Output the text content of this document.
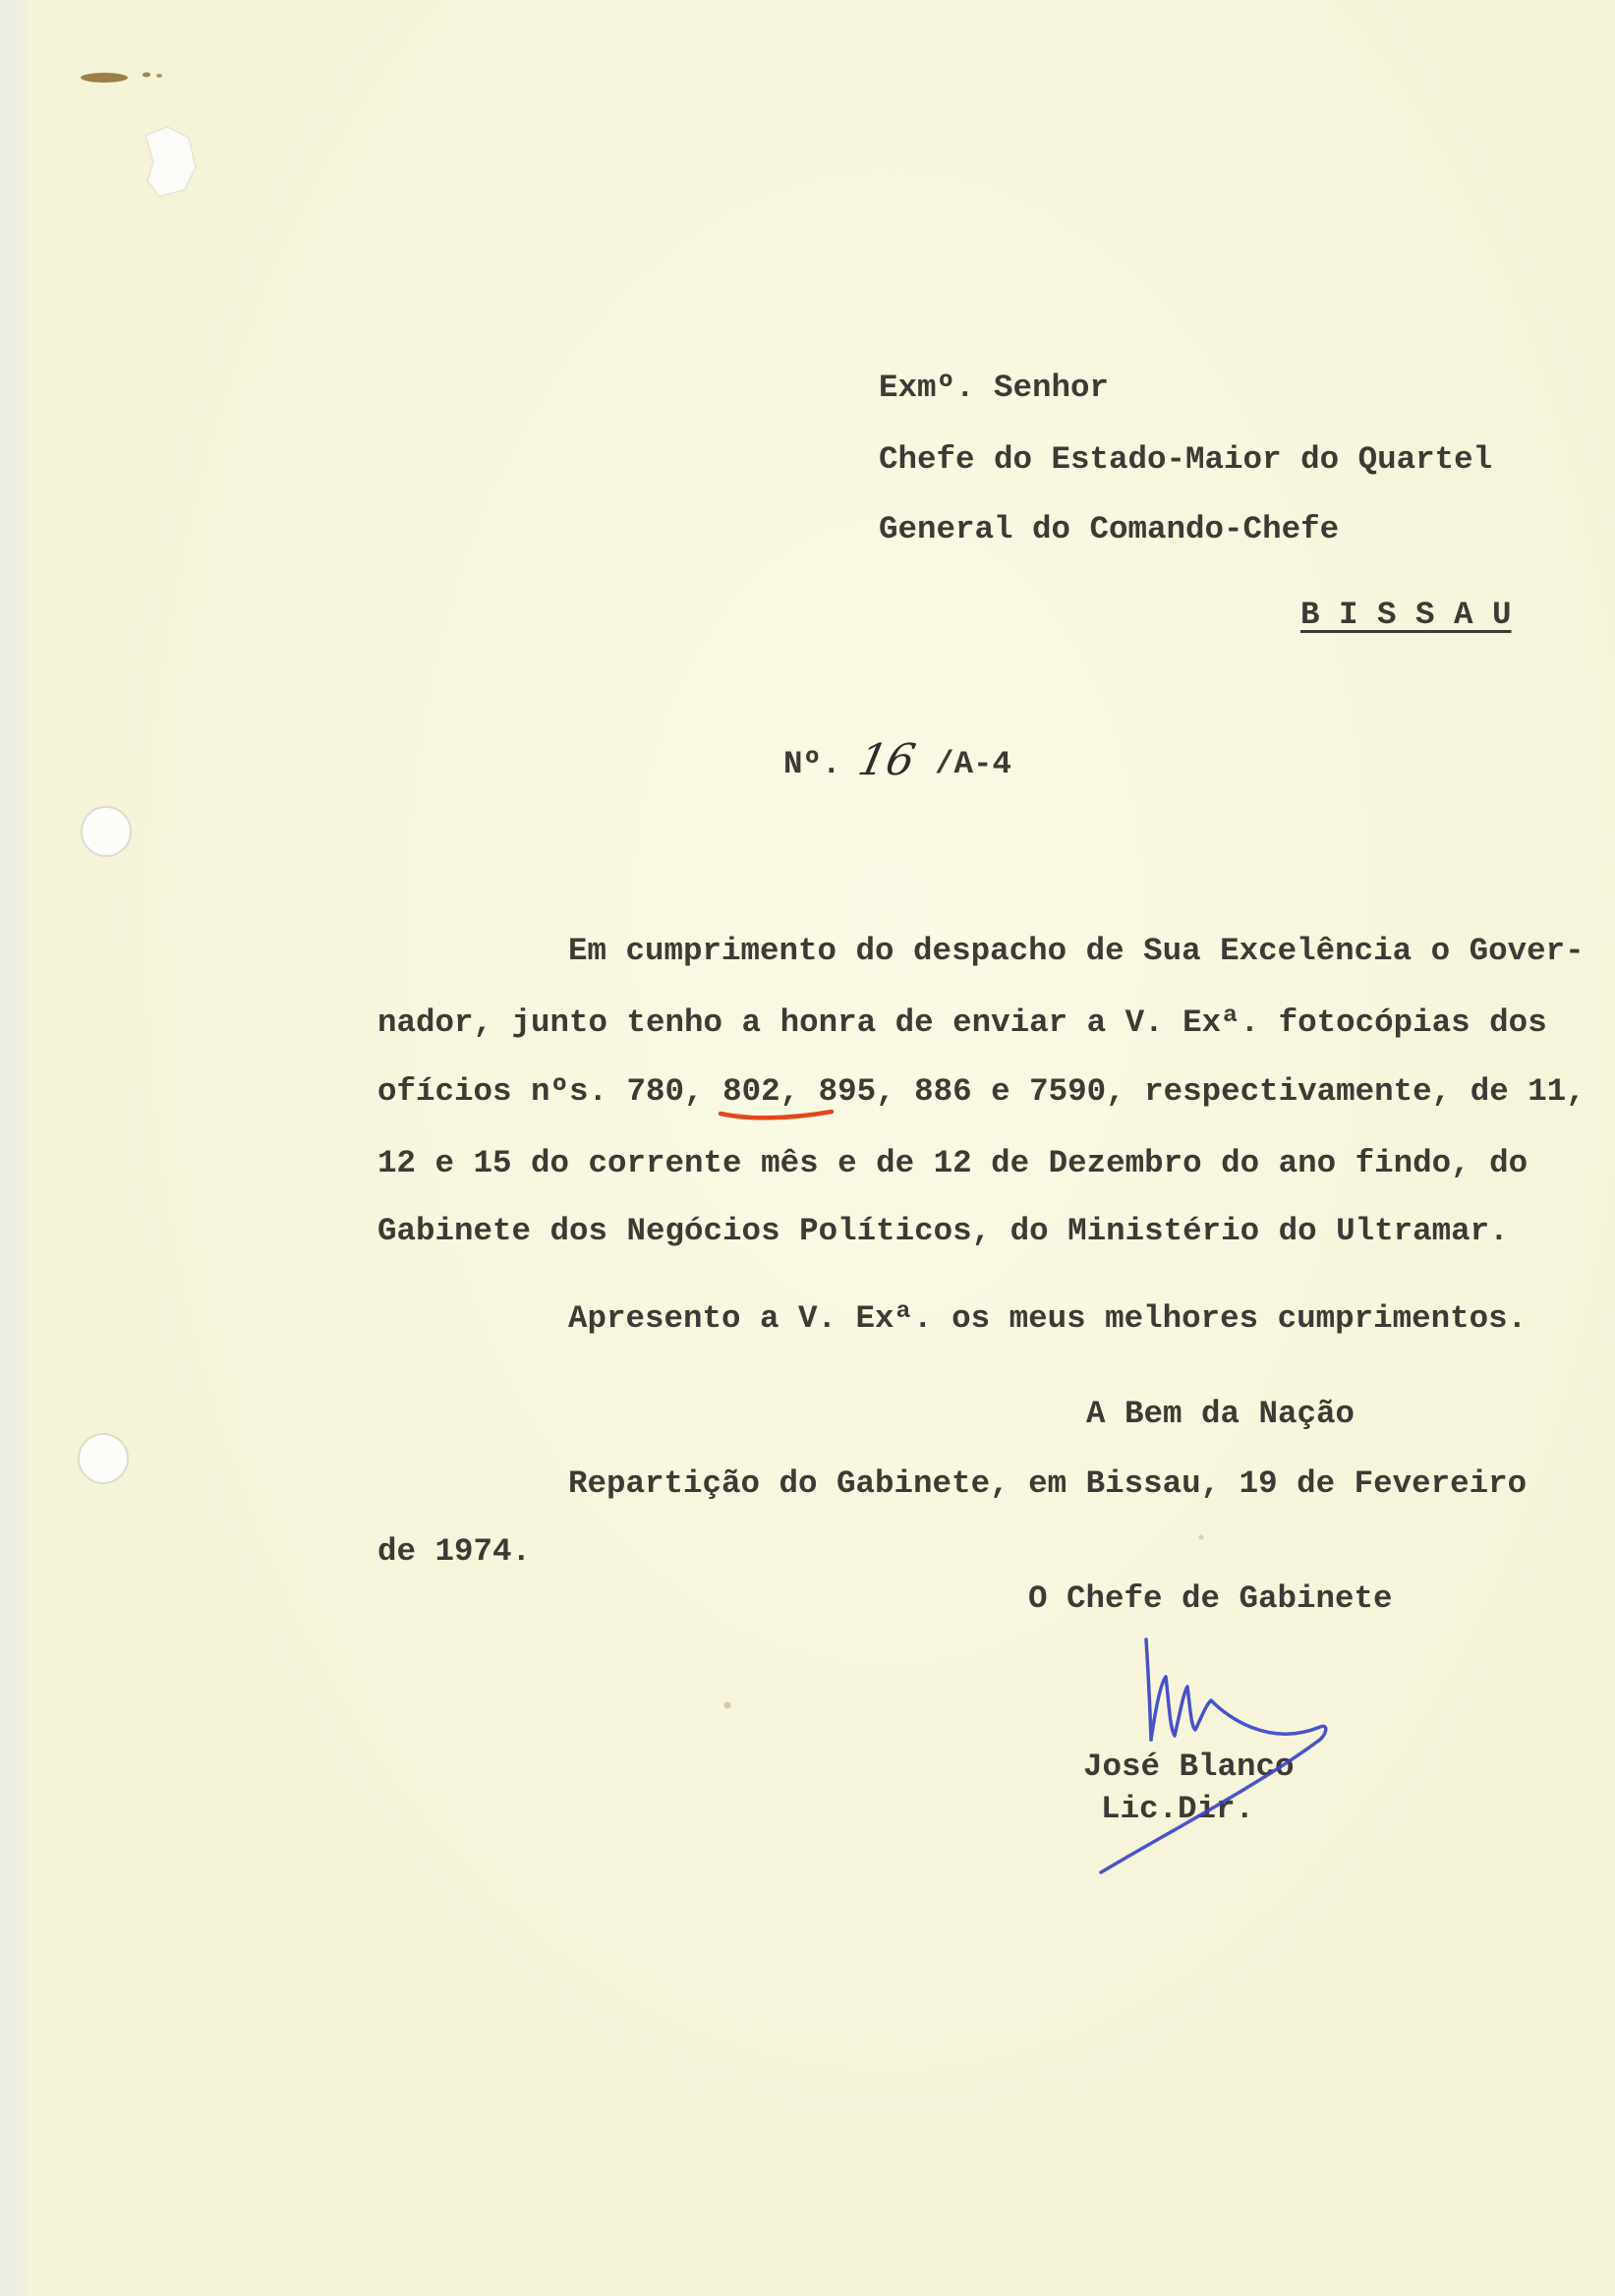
Exmº. Senhor
Chefe do Estado-Maior do Quartel
General do Comando-Chefe
B I S S A U
Nº. 16 /A-4
Em cumprimento do despacho de Sua Excelência o Gover-
nador, junto tenho a honra de enviar a V. Exª. fotocópias dos
ofícios nºs. 780, 802, 895, 886 e 7590, respectivamente, de 11,
12 e 15 do corrente mês e de 12 de Dezembro do ano findo, do
Gabinete dos Negócios Políticos, do Ministério do Ultramar.
Apresento a V. Exª. os meus melhores cumprimentos.
A Bem da Nação
Repartição do Gabinete, em Bissau, 19 de Fevereiro
de 1974.
O Chefe de Gabinete
José Blanco
Lic.Dir.
